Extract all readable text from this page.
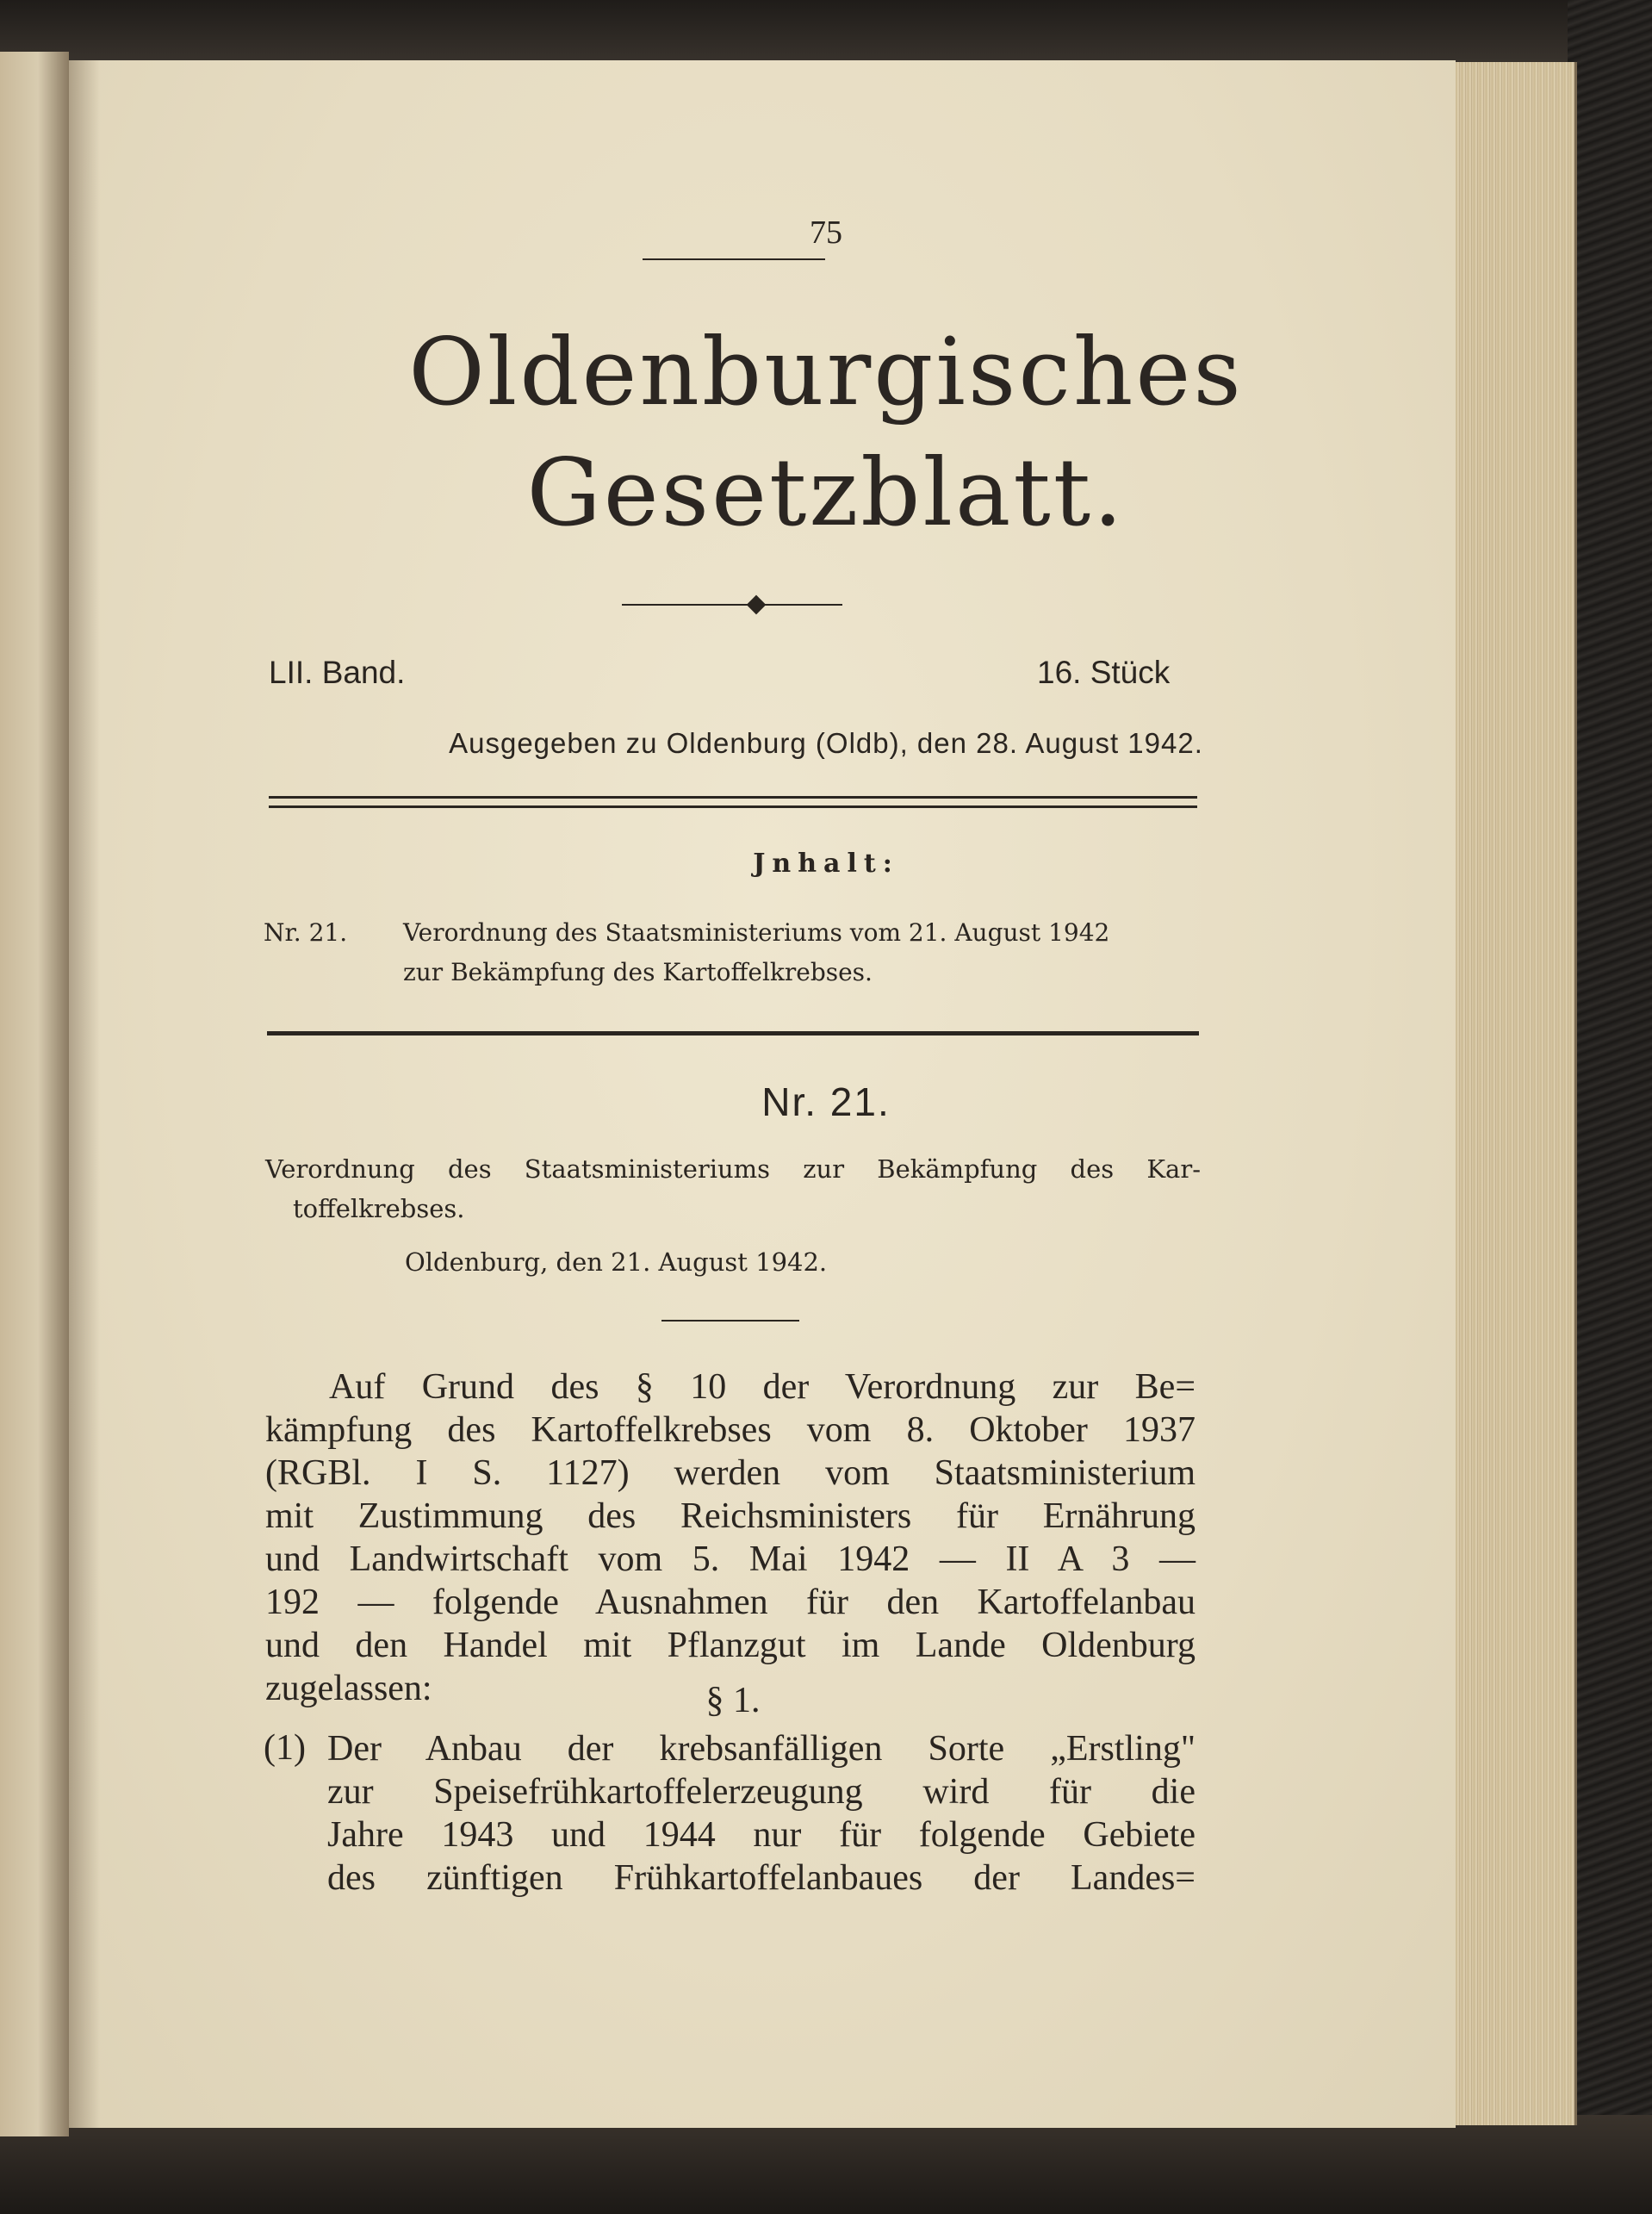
75
Oldenburgisches
Gesetzblatt.
LII. Band.	16. Stück
Ausgegeben zu Oldenburg (Oldb), den 28. August 1942.
Jnhalt:
Nr. 21. Verordnung des Staatsministeriums vom 21. August 1942
zur Bekämpfung des Kartoffelkrebses.
Nr. 21.
Verordnung des Staatsministeriums zur Bekämpfung des Kar-
toffelkrebses.
Oldenburg, den 21. August 1942.
Auf Grund des § 10 der Verordnung zur Be=
kämpfung des Kartoffelkrebses vom 8. Oktober 1937
(RGBl. I S. 1127) werden vom Staatsministerium
mit Zustimmung des Reichsministers für Ernährung
und Landwirtschaft vom 5. Mai 1942 — II A 3 —
192 — folgende Ausnahmen für den Kartoffelanbau
und den Handel mit Pflanzgut im Lande Oldenburg
zugelassen:	§ 1.
(1) Der Anbau der krebsanfälligen Sorte „Erstling"
zur Speisefrühkartoffelerzeugung wird für die
Jahre 1943 und 1944 nur für folgende Gebiete
des zünftigen Frühkartoffelanbaues der Landes=
